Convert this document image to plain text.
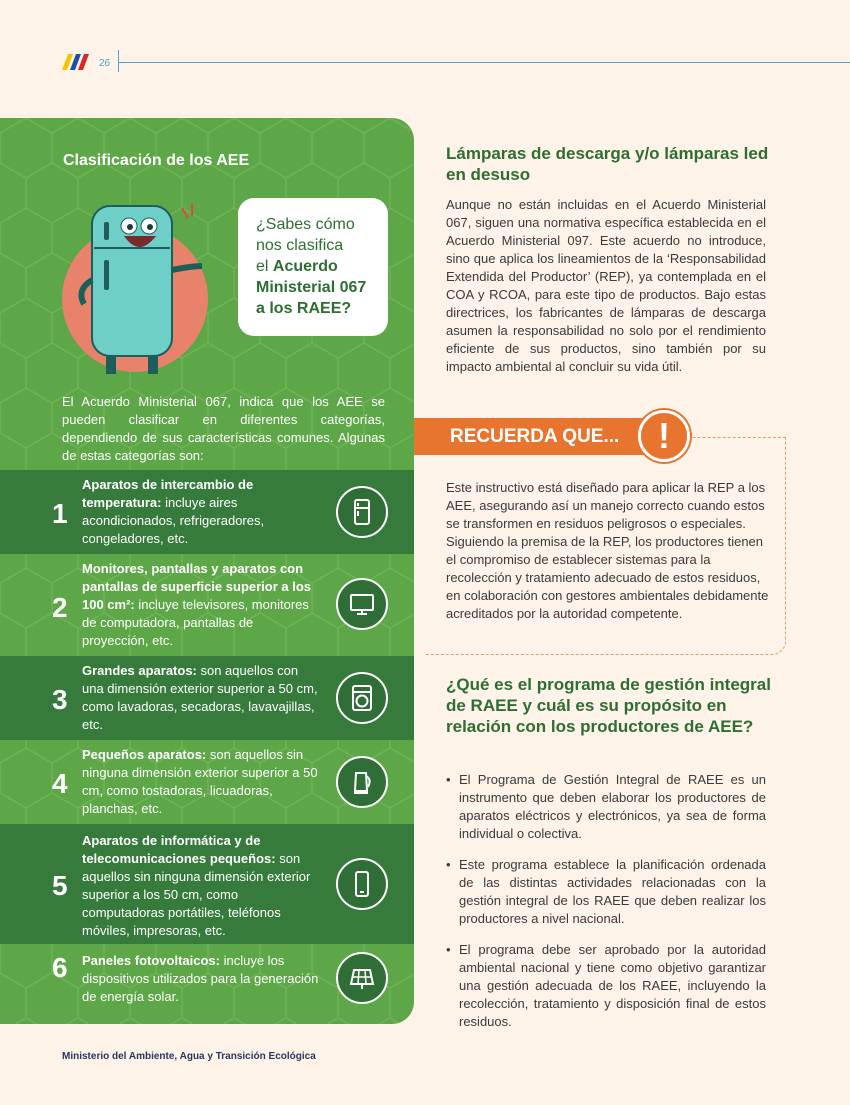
26
Clasificación de los AEE
¿Sabes cómo
nos clasifica
el Acuerdo
Ministerial 067
a los RAEE?
El Acuerdo Ministerial 067, indica que los AEE se pueden clasificar en diferentes categorías, dependiendo de sus características comunes. Algunas de estas categorías son:
1
Aparatos de intercambio de temperatura: incluye aires acondicionados, refrigeradores, congeladores, etc.
2
Monitores, pantallas y aparatos con pantallas de superficie superior a los 100 cm²: incluye televisores, monitores de computadora, pantallas de proyección, etc.
3
Grandes aparatos: son aquellos con una dimensión exterior superior a 50 cm, como lavadoras, secadoras, lavavajillas, etc.
4
Pequeños aparatos: son aquellos sin ninguna dimensión exterior superior a 50 cm, como tostadoras, licuadoras, planchas, etc.
5
Aparatos de informática y de telecomunicaciones pequeños: son aquellos sin ninguna dimensión exterior superior a los 50 cm, como computadoras portátiles, teléfonos móviles, impresoras, etc.
6 Paneles fotovoltaicos: incluye los dispositivos utilizados para la generación de energía solar.
Lámparas de descarga y/o lámparas led en desuso
Aunque no están incluidas en el Acuerdo Ministerial 067, siguen una normativa específica establecida en el Acuerdo Ministerial 097. Este acuerdo no introduce, sino que aplica los lineamientos de la ‘Responsabilidad Extendida del Productor’ (REP), ya contemplada en el COA y RCOA, para este tipo de productos. Bajo estas directrices, los fabricantes de lámparas de descarga asumen la responsabilidad no solo por el rendimiento eficiente de sus productos, sino también por su impacto ambiental al concluir su vida útil.
RECUERDA QUE...	!
Este instructivo está diseñado para aplicar la REP a los AEE, asegurando así un manejo correcto cuando estos se transformen en residuos peligrosos o especiales. Siguiendo la premisa de la REP, los productores tienen el compromiso de establecer sistemas para la recolección y tratamiento adecuado de estos residuos, en colaboración con gestores ambientales debidamente acreditados por la autoridad competente.
¿Qué es el programa de gestión integral de RAEE y cuál es su propósito en relación con los productores de AEE?
• El Programa de Gestión Integral de RAEE es un instrumento que deben elaborar los productores de aparatos eléctricos y electrónicos, ya sea de forma individual o colectiva.
• Este programa establece la planificación ordenada de las distintas actividades relacionadas con la gestión integral de los RAEE que deben realizar los productores a nivel nacional.
• El programa debe ser aprobado por la autoridad ambiental nacional y tiene como objetivo garantizar una gestión adecuada de los RAEE, incluyendo la recolección, tratamiento y disposición final de estos residuos.
Ministerio del Ambiente, Agua y Transición Ecológica
